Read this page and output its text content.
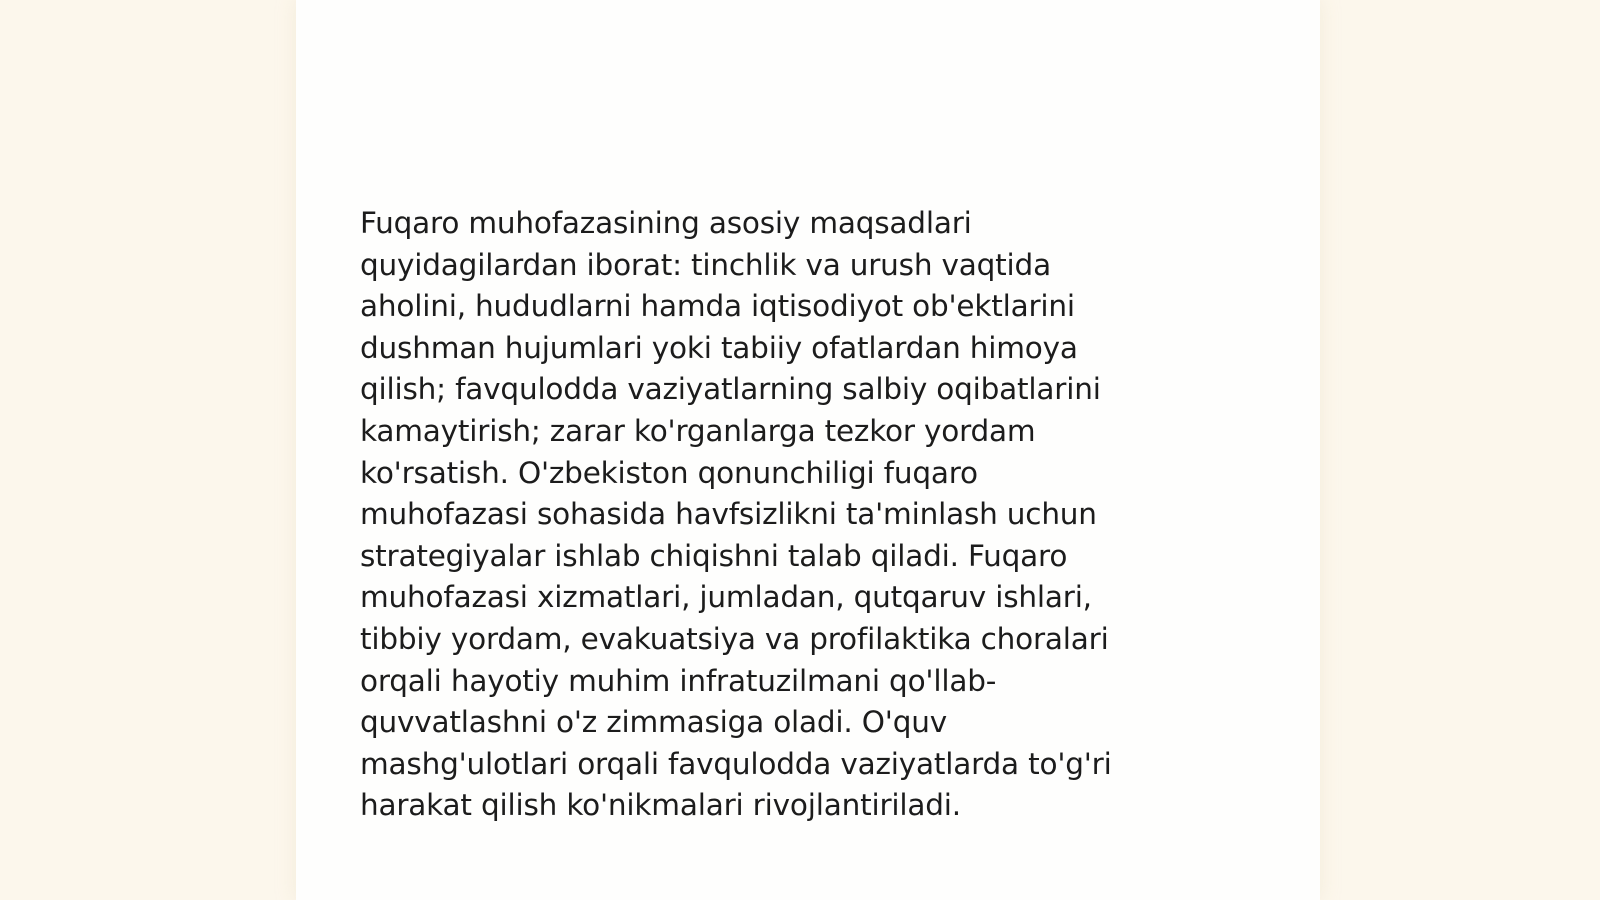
Fuqaro muhofazasining asosiy maqsadlari
quyidagilardan iborat: tinchlik va urush vaqtida
aholini, hududlarni hamda iqtisodiyot ob'ektlarini
dushman hujumlari yoki tabiiy ofatlardan himoya
qilish; favqulodda vaziyatlarning salbiy oqibatlarini
kamaytirish; zarar ko'rganlarga tezkor yordam
ko'rsatish. O'zbekiston qonunchiligi fuqaro
muhofazasi sohasida havfsizlikni ta'minlash uchun
strategiyalar ishlab chiqishni talab qiladi. Fuqaro
muhofazasi xizmatlari, jumladan, qutqaruv ishlari,
tibbiy yordam, evakuatsiya va profilaktika choralari
orqali hayotiy muhim infratuzilmani qo'llab-
quvvatlashni o'z zimmasiga oladi. O'quv
mashg'ulotlari orqali favqulodda vaziyatlarda to'g'ri
harakat qilish ko'nikmalari rivojlantiriladi.
